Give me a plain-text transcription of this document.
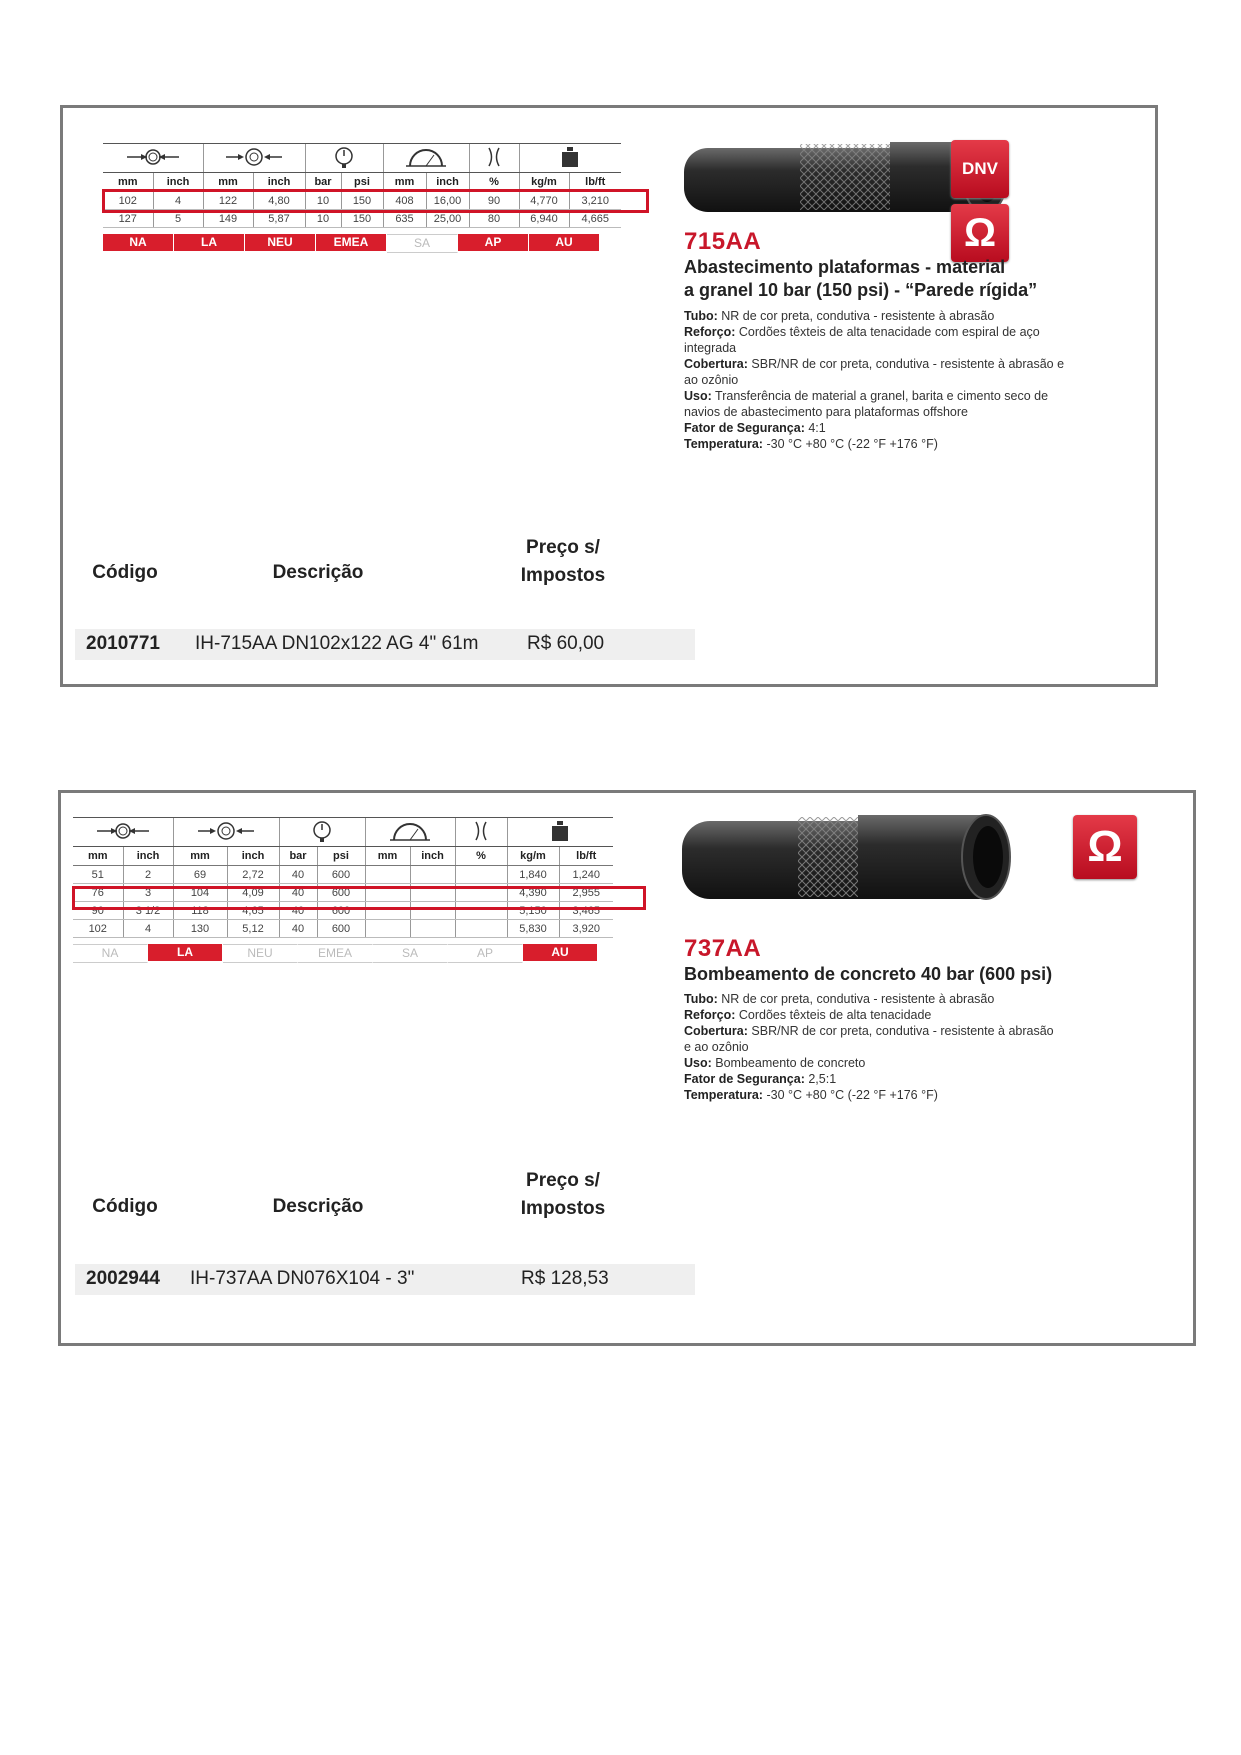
mm	inch	mm	inch	bar	psi	mm	inch	%	kg/m	lb/ft
102	4	122	4,80	10	150	408	16,00	90	4,770	3,210
127	5	149	5,87	10	150	635	25,00	80	6,940	4,665
NA	LA	NEU	EMEA	SA	AP	AU
DNV
Ω
715AA
Abastecimento plataformas - material
a granel 10 bar (150 psi) - “Parede rígida”
Tubo: NR de cor preta, condutiva - resistente à abrasão
Reforço: Cordões têxteis de alta tenacidade com espiral de aço
integrada
Cobertura: SBR/NR de cor preta, condutiva - resistente à abrasão e
ao ozônio
Uso: Transferência de material a granel, barita e cimento seco de
navios de abastecimento para plataformas offshore
Fator de Segurança: 4:1
Temperatura: -30 °C +80 °C (-22 °F +176 °F)
Código	Descrição
Preço s/
Impostos
2010771 IH-715AA DN102x122 AG 4" 61m	R$ 60,00

mm	inch	mm	inch	bar	psi	mm	inch	%	kg/m	lb/ft
51	2	69	2,72	40	600				1,840	1,240
76	3	104	4,09	40	600				4,390	2,955
90	3 1/2	118	4,65	40	600				5,150	3,465
102	4	130	5,12	40	600				5,830	3,920
NA	LA	NEU	EMEA	SA	AP	AU
Ω
737AA
Bombeamento de concreto 40 bar (600 psi)
Tubo: NR de cor preta, condutiva - resistente à abrasão
Reforço: Cordões têxteis de alta tenacidade
Cobertura: SBR/NR de cor preta, condutiva - resistente à abrasão
e ao ozônio
Uso: Bombeamento de concreto
Fator de Segurança: 2,5:1
Temperatura: -30 °C +80 °C (-22 °F +176 °F)
Código	Descrição
Preço s/
Impostos
2002944 IH-737AA DN076X104 - 3"	R$ 128,53
